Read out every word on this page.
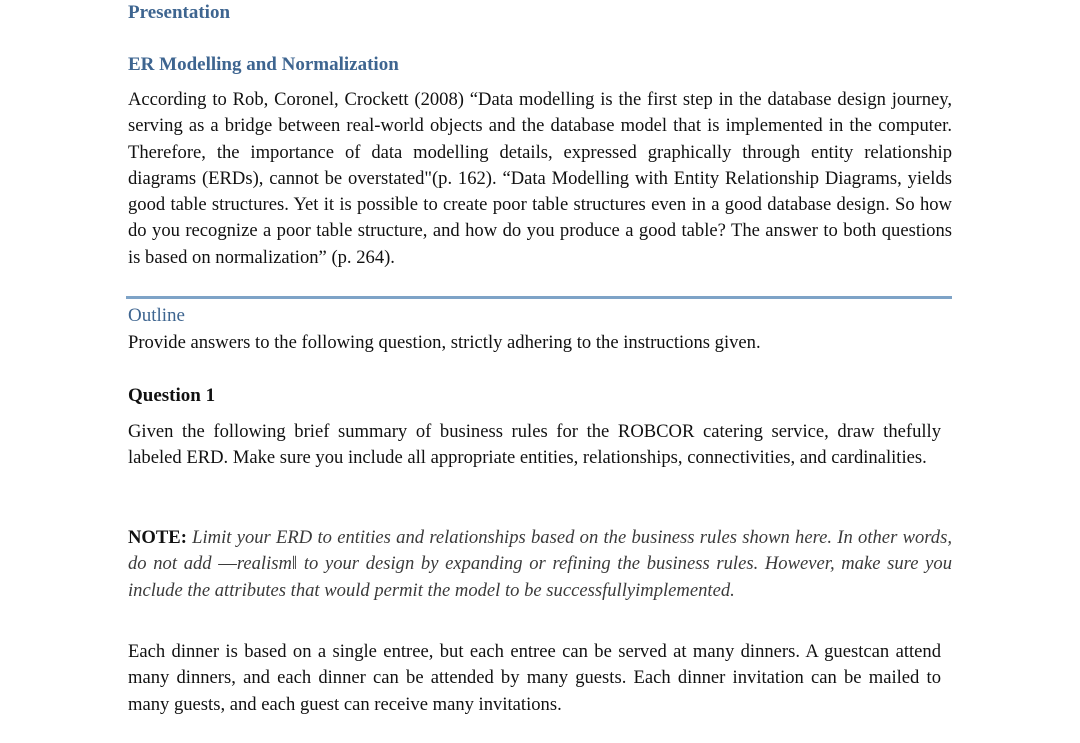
Presentation
ER Modelling and Normalization

According to Rob, Coronel, Crockett (2008) “Data modelling is the first step in the database design journey, serving as a bridge between real-world objects and the database model that is implemented in the computer. Therefore, the importance of data modelling details, expressed graphically through entity relationship diagrams (ERDs), cannot be overstated"(p. 162). “Data Modelling with Entity Relationship Diagrams, yields good table structures. Yet it is possible to create poor table structures even in a good database design. So how do you recognize a poor table structure, and how do you produce a good table? The answer to both questions is based on normalization” (p. 264).

Outline

Provide answers to the following question, strictly adhering to the instructions given.

Question 1

Given the following brief summary of business rules for the ROBCOR catering service, draw thefully labeled ERD. Make sure you include all appropriate entities, relationships, connectivities, and cardinalities.

NOTE: Limit your ERD to entities and relationships based on the business rules shown here. In other words, do not add ―realism‖ to your design by expanding or refining the business rules. However, make sure you include the attributes that would permit the model to be successfullyimplemented.

Each dinner is based on a single entree, but each entree can be served at many dinners. A guestcan attend many dinners, and each dinner can be attended by many guests. Each dinner invitation can be mailed to many guests, and each guest can receive many invitations.
